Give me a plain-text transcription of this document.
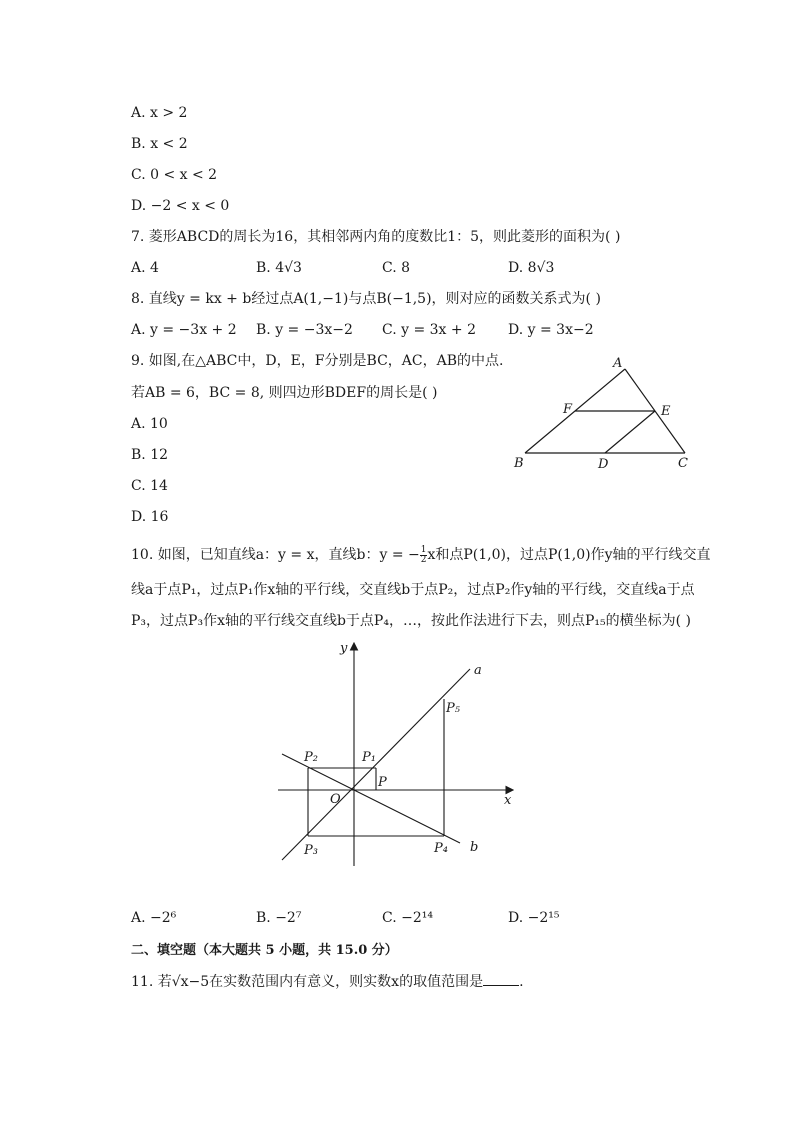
A. x > 2
B. x < 2
C. 0 < x < 2
D. −2 < x < 0
7. 菱形ABCD的周长为16，其相邻两内角的度数比1：5，则此菱形的面积为( )
A. 4	B. 4√3	C. 8	D. 8√3
8. 直线y = kx + b经过点A(1,−1)与点B(−1,5)，则对应的函数关系式为( )
A. y = −3x + 2 B. y = −3x−2 C. y = 3x + 2 D. y = 3x−2
9. 如图,在△ABC中，D，E，F分别是BC，AC，AB的中点.
若AB = 6，BC = 8, 则四边形BDEF的周长是( )
A. 10
B. 12
C. 14
D. 16
A
B	C
D
E
F
10. 如图，已知直线a：y = x，直线b：y = − $\frac{1}{2}$ x和点P(1,0)，过点P(1,0)作y轴的平行线交直
线a于点P₁，过点P₁作x轴的平行线，交直线b于点P₂，过点P₂作y轴的平行线，交直线a于点
P₃，过点P₃作x轴的平行线交直线b于点P₄，…，按此作法进行下去，则点P₁₅的横坐标为( )
y
x
a
b
O
P
P₁
P₂
P₃	P₄
P₅
A. −2⁶	B. −2⁷	C. −2¹⁴	D. −2¹⁵
二、填空题（本大题共 5 小题，共 15.0 分）
11. 若√x−5在实数范围内有意义，则实数x的取值范围是	.
